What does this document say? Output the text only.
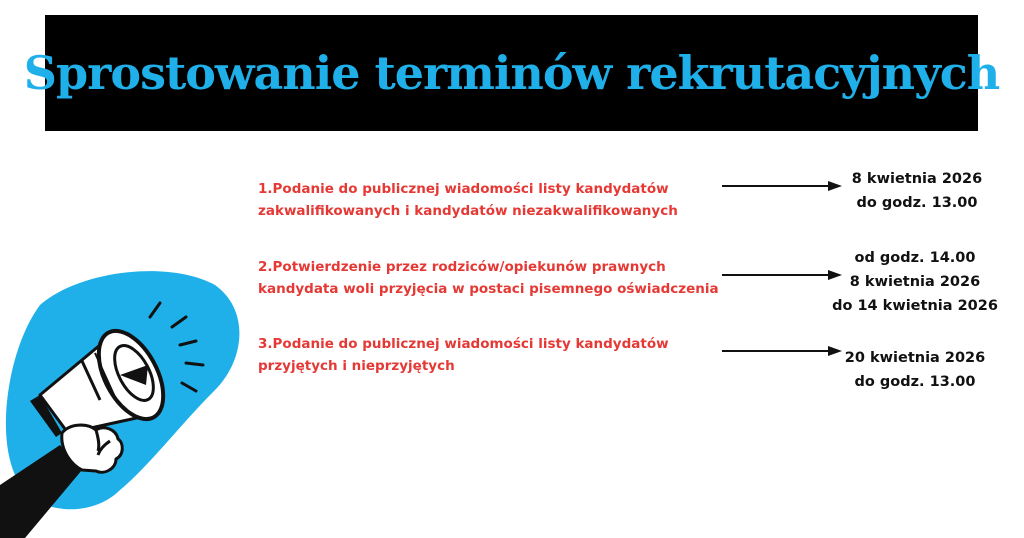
Sprostowanie terminów rekrutacyjnych
1.Podanie do publicznej wiadomości listy kandydatów
zakwalifikowanych i kandydatów niezakwalifikowanych
8 kwietnia 2026
do godz. 13.00
2.Potwierdzenie przez rodziców/opiekunów prawnych
kandydata woli przyjęcia w postaci pisemnego oświadczenia
od godz. 14.00
8 kwietnia 2026
do 14 kwietnia 2026
3.Podanie do publicznej wiadomości listy kandydatów
przyjętych i nieprzyjętych	20 kwietnia 2026
do godz. 13.00
